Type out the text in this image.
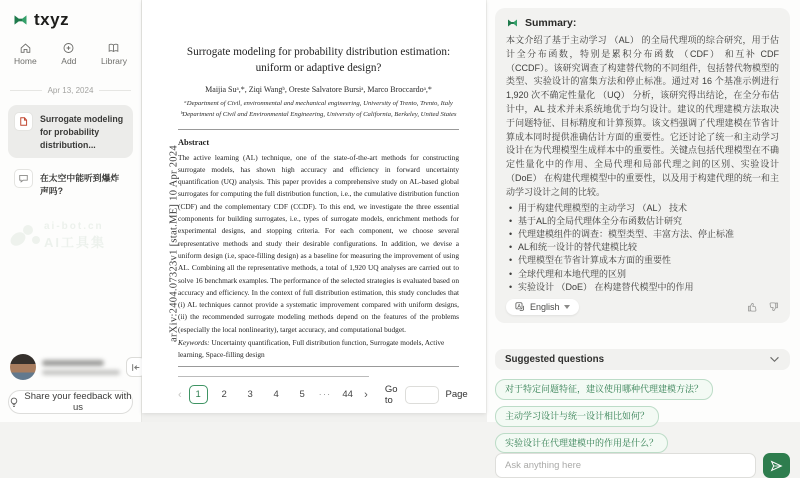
txyz
Home	Add	Library
Apr 13, 2024
Surrogate modeling for probability distribution...
在太空中能听到爆炸声吗?
ai-bot.cn
AI工具集
Share your feedback with us
arXiv:2404.07323v1 [stat.ME] 10 Apr 2024
Surrogate modeling for probability distribution estimation:
uniform or adaptive design?
Maijia Suᵃ,*, Ziqi Wangᵇ, Oreste Salvatore Bursiᵃ, Marco Broccardoᵃ,*
ᵃDepartment of Civil, environmental and mechanical engineering, University of Trento, Trento, Italy
ᵇDepartment of Civil and Environmental Engineering, University of California, Berkeley, United States
Abstract

The active learning (AL) technique, one of the state-of-the-art methods for constructing surrogate models, has shown high accuracy and efficiency in forward uncertainty quantification (UQ) analysis. This paper provides a comprehensive study on AL-based global surrogates for computing the full distribution function, i.e., the cumulative distribution function (CDF) and the complementary CDF (CCDF). To this end, we investigate the three essential components for building surrogates, i.e., types of surrogate models, enrichment methods for experimental designs, and stopping criteria. For each component, we choose several representative methods and study their desirable configurations. In addition, we devise a uniform design (i.e, space-filling design) as a baseline for measuring the improvement of using AL. Combining all the representative methods, a total of 1,920 UQ analyses are carried out to solve 16 benchmark examples. The performance of the selected strategies is evaluated based on accuracy and efficiency. In the context of full distribution estimation, this study concludes that (i) AL techniques cannot provide a systematic improvement compared with uniform designs, (ii) the recommended surrogate modeling methods depend on the features of the problems (especially the local nonlinearity), target accuracy, and computational budget.

Keywords: Uncertainty quantification, Full distribution function, Surrogate models, Active learning, Space-filling design

‹	1	2	3	4	5	···	44	› Go to	Page
Summary:

本文介绍了基于主动学习 （AL） 的全局代理项的综合研究，用于估计全分布函数，特别是累积分布函数 （CDF） 和互补 CDF （CCDF）。该研究调查了构建替代物的不同组件，包括替代物模型的类型、实验设计的富集方法和停止标准。通过对 16 个基准示例进行 1,920 次不确定性量化 （UQ） 分析，该研究得出结论，在全分布估计中，AL 技术并未系统地优于均匀设计。建议的代理建模方法取决于问题特征、目标精度和计算预算。该文档强调了代理建模在节省计算成本同时提供准确估计方面的重要性。它还讨论了统一和主动学习设计在为代理模型生成样本中的重要性。关键点包括代理模型在不确定性量化中的作用、全局代理和局部代理之间的区别、实验设计 （DoE） 在构建代理模型中的重要性，以及用于构建代理的统一和主动学习设计之间的比较。

• 用于构建代理模型的主动学习 （AL） 技术
• 基于AL的全局代理体全分布函数估计研究
• 代理建模组件的调查：模型类型、丰富方法、停止标准
• AL和统一设计的替代建模比较
• 代理模型在节省计算成本方面的重要性
• 全球代理和本地代理的区别
• 实验设计 （DoE） 在构建替代模型中的作用
A English
Suggested questions
对于特定问题特征，建议使用哪种代理建模方法？
主动学习设计与统一设计相比如何？
实验设计在代理建模中的作用是什么？
Ask anything here
